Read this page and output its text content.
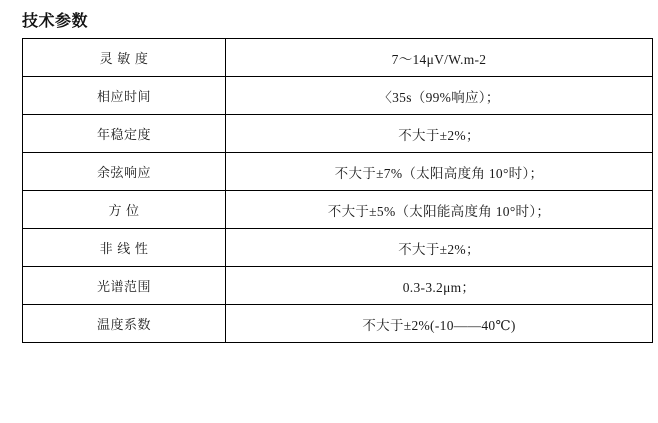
技术参数
灵 敏 度	7～14μV/W.m-2
相应时间	〈35s（99%响应）；
年稳定度	不大于±2%；
余弦响应	不大于±7%（太阳高度角 10°时）；
方 位	不大于±5%（太阳能高度角 10°时）；
非 线 性	不大于±2%；
光谱范围	0.3-3.2μm；
温度系数	不大于±2%(-10——40℃)
